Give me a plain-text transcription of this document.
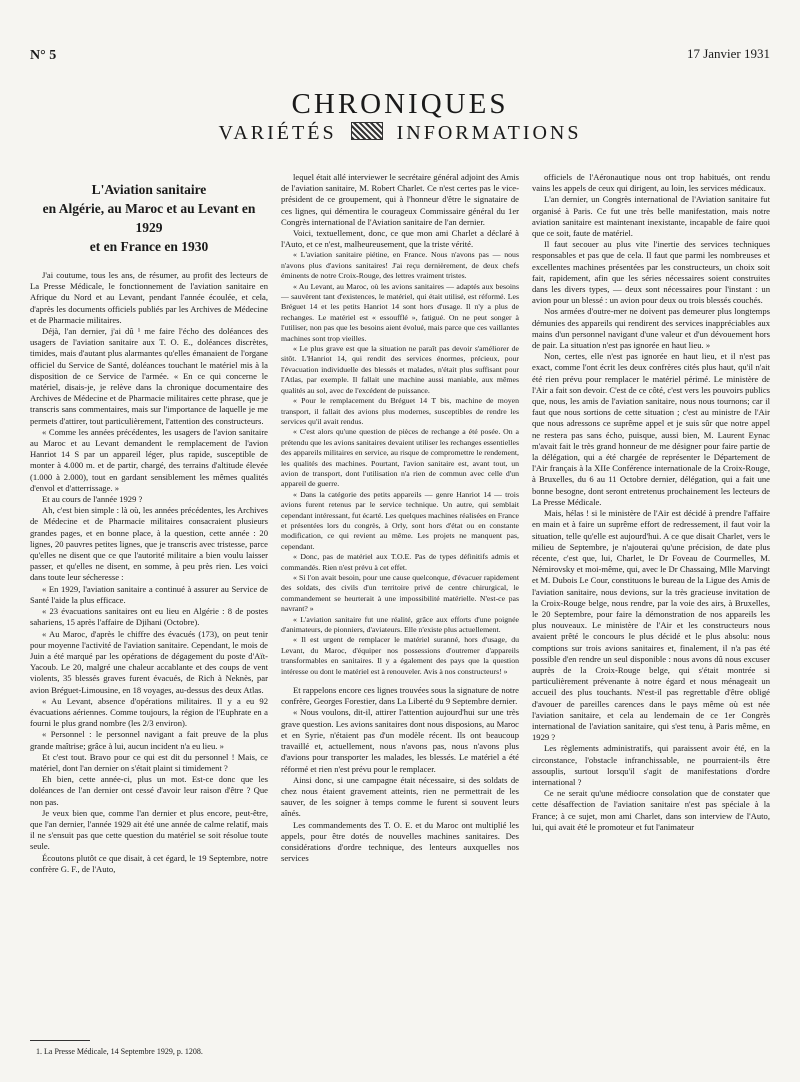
N° 5	17 Janvier 1931
CHRONIQUES
VARIÉTÉS	INFORMATIONS
L'Aviation sanitaire
en Algérie, au Maroc et au Levant en 1929
et en France en 1930

J'ai coutume, tous les ans, de résumer, au profit des lecteurs de La Presse Médicale, le fonctionnement de l'aviation sanitaire en Afrique du Nord et au Levant, pendant l'année écoulée, et cela, d'après les documents officiels publiés par les Archives de Médecine et de Pharmacie militaires.

Déjà, l'an dernier, j'ai dû ¹ me faire l'écho des doléances des usagers de l'aviation sanitaire aux T. O. E., doléances discrètes, timides, mais d'autant plus alarmantes qu'elles émanaient de l'organe officiel du Service de Santé, doléances touchant le matériel mis à la disposition de ce Service de l'armée. « En ce qui concerne le matériel, disais-je, je relève dans la chronique documentaire des Archives de Médecine et de Pharmacie militaires cette phrase, que je transcris sans commentaires, mais sur l'importance de laquelle je me permets d'attirer, tout particulièrement, l'attention des constructeurs.

« Comme les années précédentes, les usagers de l'avion sanitaire au Maroc et au Levant demandent le remplacement de l'avion Hanriot 14 S par un appareil léger, plus rapide, susceptible de monter à 4.000 m. et de partir, chargé, des terrains d'altitude élevée (1.000 à 2.000), tout en gardant sensiblement les mêmes qualités d'envol et d'atterrissage. »

Et au cours de l'année 1929 ?

Ah, c'est bien simple : là où, les années précédentes, les Archives de Médecine et de Pharmacie militaires consacraient plusieurs grandes pages, et en bonne place, à la question, cette année : 20 lignes, 20 pauvres petites lignes, que je transcris avec tristesse, parce qu'elles ne disent que ce que l'autorité militaire a bien voulu laisser passer, et qu'elles ne disent, en somme, à peu près rien. Les voici dans toute leur sécheresse :

« En 1929, l'aviation sanitaire a continué à assurer au Service de Santé l'aide la plus efficace.

« 23 évacuations sanitaires ont eu lieu en Algérie : 8 de postes sahariens, 15 après l'affaire de Djihani (Octobre).

« Au Maroc, d'après le chiffre des évacués (173), on peut tenir pour moyenne l'activité de l'aviation sanitaire. Cependant, le mois de Juin a été marqué par les opérations de dégagement du poste d'Aït-Yacoub. Le 20, malgré une chaleur accablante et des coups de vent violents, 35 blessés graves furent évacués, de Rich à Neknès, par avion Bréguet-Limousine, en 18 voyages, au-dessus des deux Atlas.

« Au Levant, absence d'opérations militaires. Il y a eu 92 évacuations aériennes. Comme toujours, la région de l'Euphrate en a fourni le plus grand nombre (les 2/3 environ).

« Personnel : le personnel navigant a fait preuve de la plus grande maîtrise; grâce à lui, aucun incident n'a eu lieu. »

Et c'est tout. Bravo pour ce qui est dit du personnel ! Mais, ce matériel, dont l'an dernier on s'était plaint si timidement ?

Eh bien, cette année-ci, plus un mot. Est-ce donc que les doléances de l'an dernier ont cessé d'avoir leur raison d'être ? Que non pas.

Je veux bien que, comme l'an dernier et plus encore, peut-être, que l'an dernier, l'année 1929 ait été une année de calme relatif, mais il ne s'ensuit pas que cette question du matériel se soit résolue toute seule.

Écoutons plutôt ce que disait, à cet égard, le 19 Septembre, notre confrère G. F., de l'Auto,

lequel était allé interviewer le secrétaire général adjoint des Amis de l'aviation sanitaire, M. Robert Charlet. Ce n'est certes pas le vice-président de ce groupement, qui à l'honneur d'être le signataire de ces lignes, qui démentira le courageux Commissaire général du 1er Congrès international de l'Aviation sanitaire de l'an dernier.

Voici, textuellement, donc, ce que mon ami Charlet a déclaré à l'Auto, et ce n'est, malheureusement, que la triste vérité.

« L'aviation sanitaire piétine, en France. Nous n'avons pas — nous n'avons plus d'avions sanitaires! J'ai reçu dernièrement, de deux chefs éminents de notre Croix-Rouge, des lettres vraiment tristes.

« Au Levant, au Maroc, où les avions sanitaires — adaptés aux besoins — sauvèrent tant d'existences, le matériel, qui était utilisé, est réformé. Les Bréguet 14 et les petits Hanriot 14 sont hors d'usage. Il n'y a plus de rechanges. Le matériel est « essoufflé », fatigué. On ne peut songer à l'utiliser, non pas que les besoins aient évolué, mais parce que ces vaillantes machines sont trop vieilles.

« Le plus grave est que la situation ne paraît pas devoir s'améliorer de sitôt. L'Hanriot 14, qui rendit des services énormes, précieux, pour l'évacuation individuelle des blessés et malades, n'était plus suffisant pour l'Atlas, par exemple. Il fallait une machine aussi maniable, aux mêmes qualités au sol, avec de l'excédent de puissance.

« Pour le remplacement du Bréguet 14 T bis, machine de moyen transport, il fallait des avions plus modernes, susceptibles de rendre les services qu'il avait rendus.

« C'est alors qu'une question de pièces de rechange a été posée. On a prétendu que les avions sanitaires devaient utiliser les rechanges essentielles des appareils militaires en service, au risque de compromettre le rendement, les qualités des machines. Pourtant, l'avion sanitaire est, avant tout, un avion de transport, dont l'utilisation n'a rien de commun avec celle d'un appareil de guerre.

« Dans la catégorie des petits appareils — genre Hanriot 14 — trois avions furent retenus par le service technique. Un autre, qui semblait cependant intéressant, fut écarté. Les quelques machines réalisées en France et présentées lors du congrès, à Orly, sont hors d'état ou en constante modification, ce qui revient au même. Les projets ne manquent pas, cependant.

« Donc, pas de matériel aux T.O.E. Pas de types définitifs admis et commandés. Rien n'est prévu à cet effet.

« Si l'on avait besoin, pour une cause quelconque, d'évacuer rapidement des soldats, des civils d'un territoire privé de centre chirurgical, le commandement se heurterait à une impossibilité matérielle. N'est-ce pas navrant? »

« L'aviation sanitaire fut une réalité, grâce aux efforts d'une poignée d'animateurs, de pionniers, d'aviateurs. Elle n'existe plus actuellement.

« Il est urgent de remplacer le matériel suranné, hors d'usage, du Levant, du Maroc, d'équiper nos possessions d'outremer d'appareils transformables en sanitaires. Il y a également des pays que la question intéresse ou dont le matériel est à renouveler. Avis à nos constructeurs! »

Et rappelons encore ces lignes trouvées sous la signature de notre confrère, Georges Forestier, dans La Liberté du 9 Septembre dernier.

« Nous voulons, dit-il, attirer l'attention aujourd'hui sur une très grave question. Les avions sanitaires dont nous disposions, au Maroc et en Syrie, n'étaient pas d'un modèle récent. Ils ont beaucoup travaillé et, actuellement, nous n'avons pas, nous n'avons plus d'avions pour transporter les malades, les blessés. Le matériel a été réformé et rien n'est prévu pour le remplacer.

Ainsi donc, si une campagne était nécessaire, si des soldats de chez nous étaient gravement atteints, rien ne permettrait de les sauver, de les soigner à temps comme le furent si souvent leurs aînés.

Les commandements des T. O. E. et du Maroc ont multiplié les appels, pour être dotés de nouvelles machines sanitaires. Des considérations d'ordre technique, des lenteurs auxquelles nos services

officiels de l'Aéronautique nous ont trop habitués, ont rendu vains les appels de ceux qui dirigent, au loin, les services médicaux.

L'an dernier, un Congrès international de l'Aviation sanitaire fut organisé à Paris. Ce fut une très belle manifestation, mais notre aviation sanitaire est maintenant inexistante, incapable de faire quoi que ce soit, faute de matériel.

Il faut secouer au plus vite l'inertie des services techniques responsables et pas que de cela. Il faut que parmi les nombreuses et excellentes machines présentées par les constructeurs, un choix soit fait, rapidement, afin que les séries nécessaires soient construites dans les divers types, — deux sont nécessaires pour l'instant : un avion pour un blessé : un avion pour deux ou trois blessés couchés.

Nos armées d'outre-mer ne doivent pas demeurer plus longtemps démunies des appareils qui rendirent des services inappréciables aux mains d'un personnel navigant d'une valeur et d'un dévouement hors de pair. La situation n'est pas ignorée en haut lieu. »

Non, certes, elle n'est pas ignorée en haut lieu, et il n'est pas exact, comme l'ont écrit les deux confrères cités plus haut, qu'il n'ait été rien prévu pour remplacer le matériel périmé. Le ministère de l'Air a fait son devoir. C'est de ce côté, c'est vers les pouvoirs publics que, nous, les amis de l'aviation sanitaire, nous nous tournons; car il faut que nous sortions de cette situation ; c'est au ministre de l'Air que nous adressons ce suprême appel et je suis sûr que notre appel ne restera pas sans écho, puisque, aussi bien, M. Laurent Eynac m'avait fait le très grand honneur de me désigner pour faire partie de la délégation, qui a été chargée de représenter le Département de l'Air français à la XIIe Conférence internationale de la Croix-Rouge, à Bruxelles, du 6 au 11 Octobre dernier, délégation, qui a fait une bonne besogne, dont seront entretenus prochainement les lecteurs de La Presse Médicale.

Mais, hélas ! si le ministère de l'Air est décidé à prendre l'affaire en main et à faire un suprême effort de redressement, il faut voir la situation, telle qu'elle est aujourd'hui. A ce que disait Charlet, vers le milieu de Septembre, je n'ajouterai qu'une précision, de date plus récente, c'est que, lui, Charlet, le Dr Foveau de Courmelles, M. Némirovsky et moi-même, qui, avec le Dr Chassaing, Mlle Marvingt et M. Dubois Le Cour, constituons le bureau de la Ligue des Amis de l'aviation sanitaire, nous devions, sur la très gracieuse invitation de la Croix-Rouge belge, nous rendre, par la voie des airs, à Bruxelles, le 20 Septembre, pour faire la démonstration de nos appareils les plus nouveaux. Le ministère de l'Air et les constructeurs nous avaient prêté le concours le plus décidé et le plus absolu: nous comptions sur trois avions sanitaires et, finalement, il n'a pas été possible d'en rendre un seul disponible : nous avons dû nous excuser auprès de la Croix-Rouge belge, qui s'était montrée si particulièrement prévenante à notre égard et nous ménageait un accueil des plus touchants. N'est-il pas regrettable d'être obligé d'avouer de pareilles carences dans le pays même où est née l'aviation sanitaire, et cela au lendemain de ce 1er Congrès international de l'aviation sanitaire, qui s'est tenu, à Paris même, en 1929 ?

Les règlements administratifs, qui paraissent avoir été, en la circonstance, l'obstacle infranchissable, ne pourraient-ils être assouplis, surtout lorsqu'il s'agit de manifestations d'ordre international ?

Ce ne serait qu'une médiocre consolation que de constater que cette désaffection de l'aviation sanitaire n'est pas spéciale à la France; à ce sujet, mon ami Charlet, dans son interview de l'Auto, lui, qui avait été le promoteur et fut l'animateur

1. La Presse Médicale, 14 Septembre 1929, p. 1208.
